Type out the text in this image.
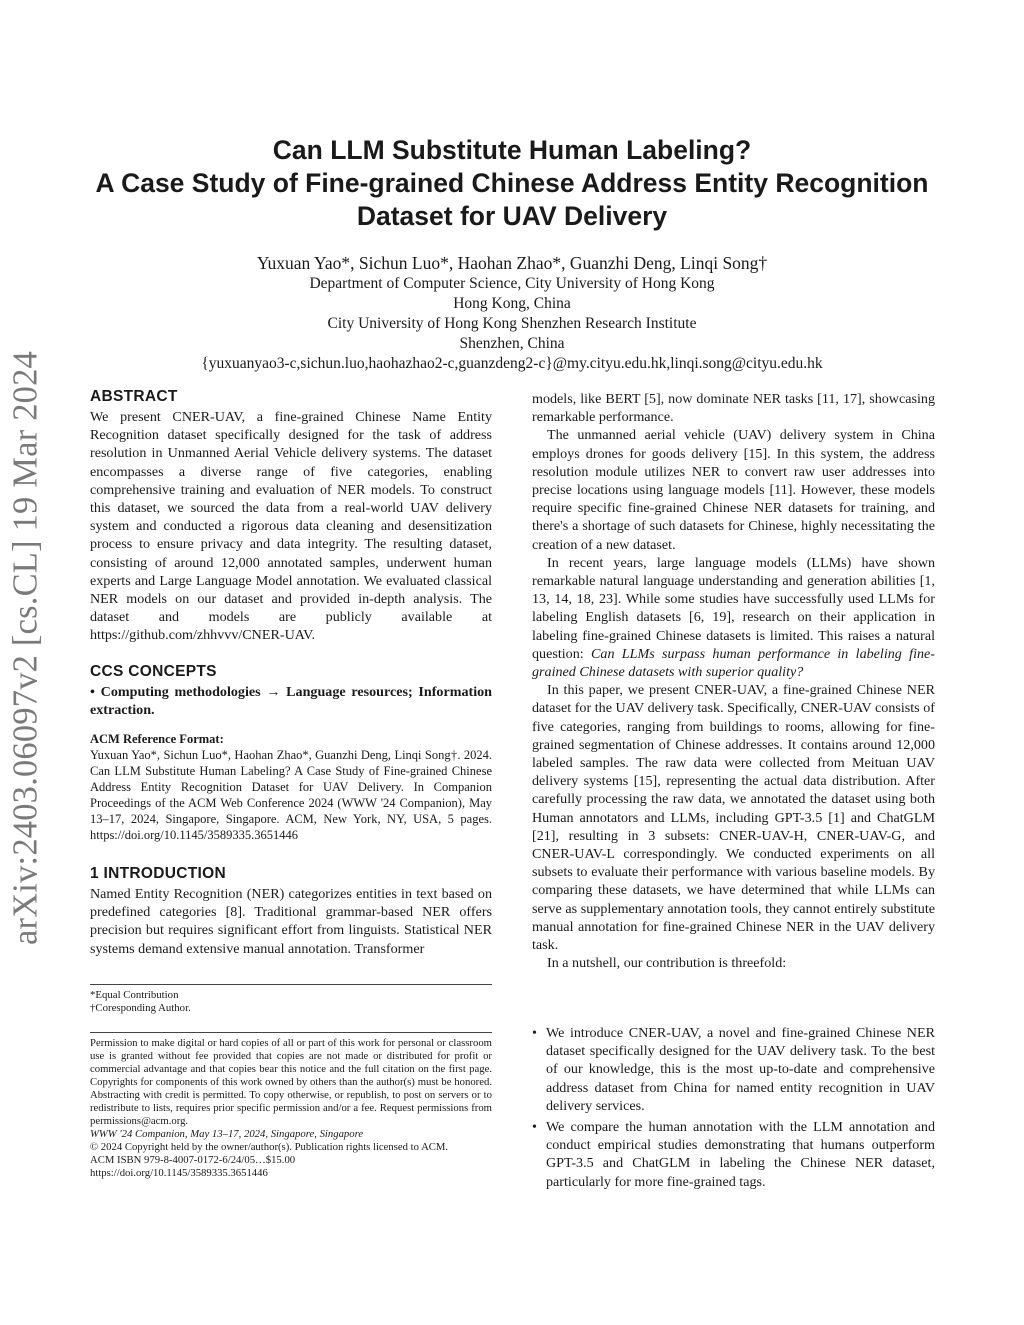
Can LLM Substitute Human Labeling?
A Case Study of Fine-grained Chinese Address Entity Recognition
Dataset for UAV Delivery
Yuxuan Yao*, Sichun Luo*, Haohan Zhao*, Guanzhi Deng, Linqi Song†
Department of Computer Science, City University of Hong Kong
Hong Kong, China
City University of Hong Kong Shenzhen Research Institute
Shenzhen, China
{yuxuanyao3-c,sichun.luo,haohazhao2-c,guanzdeng2-c}@my.cityu.edu.hk,linqi.song@cityu.edu.hk
arXiv:2403.06097v2 [cs.CL] 19 Mar 2024	ABSTRACT

We present CNER-UAV, a fine-grained Chinese Name Entity Recognition dataset specifically designed for the task of address resolution in Unmanned Aerial Vehicle delivery systems. The dataset encompasses a diverse range of five categories, enabling comprehensive training and evaluation of NER models. To construct this dataset, we sourced the data from a real-world UAV delivery system and conducted a rigorous data cleaning and desensitization process to ensure privacy and data integrity. The resulting dataset, consisting of around 12,000 annotated samples, underwent human experts and Large Language Model annotation. We evaluated classical NER models on our dataset and provided in-depth analysis. The dataset and models are publicly available at https://github.com/zhhvvv/CNER-UAV.

CCS CONCEPTS

• Computing methodologies → Language resources; Information extraction.

ACM Reference Format:

Yuxuan Yao*, Sichun Luo*, Haohan Zhao*, Guanzhi Deng, Linqi Song†. 2024. Can LLM Substitute Human Labeling? A Case Study of Fine-grained Chinese Address Entity Recognition Dataset for UAV Delivery. In Companion Proceedings of the ACM Web Conference 2024 (WWW '24 Companion), May 13–17, 2024, Singapore, Singapore. ACM, New York, NY, USA, 5 pages. https://doi.org/10.1145/3589335.3651446

1 INTRODUCTION

Named Entity Recognition (NER) categorizes entities in text based on predefined categories [8]. Traditional grammar-based NER offers precision but requires significant effort from linguists. Statistical NER systems demand extensive manual annotation. Transformer

*Equal Contribution
†Coresponding Author.
Permission to make digital or hard copies of all or part of this work for personal or classroom use is granted without fee provided that copies are not made or distributed for profit or commercial advantage and that copies bear this notice and the full citation on the first page. Copyrights for components of this work owned by others than the author(s) must be honored. Abstracting with credit is permitted. To copy otherwise, or republish, to post on servers or to redistribute to lists, requires prior specific permission and/or a fee. Request permissions from permissions@acm.org.
WWW '24 Companion, May 13–17, 2024, Singapore, Singapore
© 2024 Copyright held by the owner/author(s). Publication rights licensed to ACM.
ACM ISBN 979-8-4007-0172-6/24/05…$15.00
https://doi.org/10.1145/3589335.3651446

models, like BERT [5], now dominate NER tasks [11, 17], showcasing remarkable performance.

The unmanned aerial vehicle (UAV) delivery system in China employs drones for goods delivery [15]. In this system, the address resolution module utilizes NER to convert raw user addresses into precise locations using language models [11]. However, these models require specific fine-grained Chinese NER datasets for training, and there's a shortage of such datasets for Chinese, highly necessitating the creation of a new dataset.

In recent years, large language models (LLMs) have shown remarkable natural language understanding and generation abilities [1, 13, 14, 18, 23]. While some studies have successfully used LLMs for labeling English datasets [6, 19], research on their application in labeling fine-grained Chinese datasets is limited. This raises a natural question: Can LLMs surpass human performance in labeling fine-grained Chinese datasets with superior quality?

In this paper, we present CNER-UAV, a fine-grained Chinese NER dataset for the UAV delivery task. Specifically, CNER-UAV consists of five categories, ranging from buildings to rooms, allowing for fine-grained segmentation of Chinese addresses. It contains around 12,000 labeled samples. The raw data were collected from Meituan UAV delivery systems [15], representing the actual data distribution. After carefully processing the raw data, we annotated the dataset using both Human annotators and LLMs, including GPT-3.5 [1] and ChatGLM [21], resulting in 3 subsets: CNER-UAV-H, CNER-UAV-G, and CNER-UAV-L correspondingly. We conducted experiments on all subsets to evaluate their performance with various baseline models. By comparing these datasets, we have determined that while LLMs can serve as supplementary annotation tools, they cannot entirely substitute manual annotation for fine-grained Chinese NER in the UAV delivery task.

In a nutshell, our contribution is threefold:

• We introduce CNER-UAV, a novel and fine-grained Chinese NER dataset specifically designed for the UAV delivery task. To the best of our knowledge, this is the most up-to-date and comprehensive address dataset from China for named entity recognition in UAV delivery services.
• We compare the human annotation with the LLM annotation and conduct empirical studies demonstrating that humans outperform GPT-3.5 and ChatGLM in labeling the Chinese NER dataset, particularly for more fine-grained tags.
